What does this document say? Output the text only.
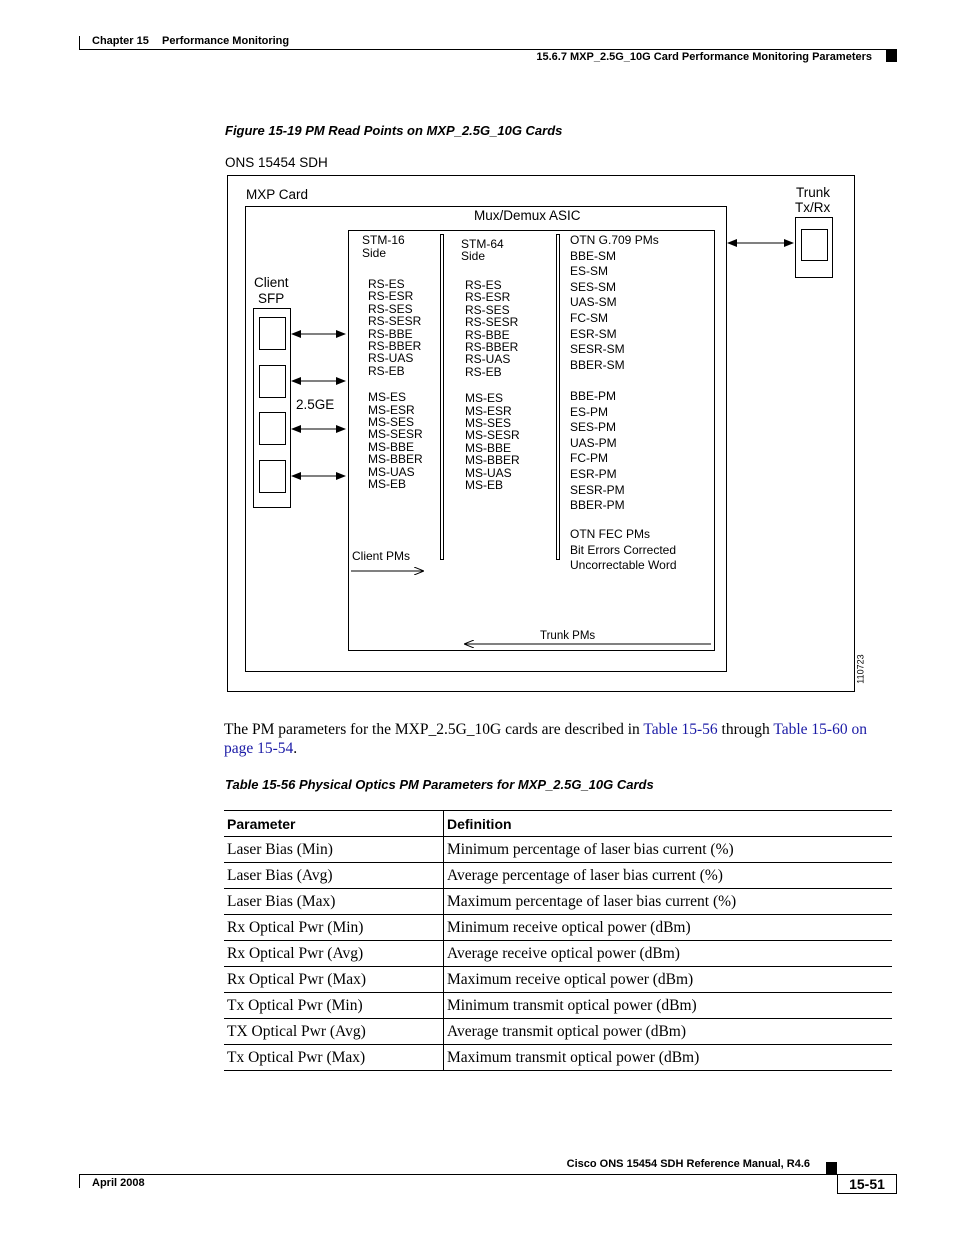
Chapter 15 Performance Monitoring
15.6.7 MXP_2.5G_10G Card Performance Monitoring Parameters
Figure 15-19 PM Read Points on MXP_2.5G_10G Cards
ONS 15454 SDH
MXP Card
Mux/Demux ASIC
Trunk
Tx/Rx
Client
SFP
2.5GE
STM-16
Side
RS-ES
RS-ESR
RS-SES
RS-SESR
RS-BBE
RS-BBER
RS-UAS
RS-EB
MS-ES
MS-ESR
MS-SES
MS-SESR
MS-BBE
MS-BBER
MS-UAS
MS-EB
STM-64
Side
RS-ES
RS-ESR
RS-SES
RS-SESR
RS-BBE
RS-BBER
RS-UAS
RS-EB
MS-ES
MS-ESR
MS-SES
MS-SESR
MS-BBE
MS-BBER
MS-UAS
MS-EB
OTN G.709 PMs
BBE-SM
ES-SM
SES-SM
UAS-SM
FC-SM
ESR-SM
SESR-SM
BBER-SM
BBE-PM
ES-PM
SES-PM
UAS-PM
FC-PM
ESR-PM
SESR-PM
BBER-PM
OTN FEC PMs
Bit Errors Corrected
Uncorrectable Word
Client PMs
Trunk PMs
110723
The PM parameters for the MXP_2.5G_10G cards are described in Table 15-56 through Table 15-60 on page 15-54.
Table 15-56 Physical Optics PM Parameters for MXP_2.5G_10G Cards
Parameter	Definition
Laser Bias (Min)	Minimum percentage of laser bias current (%)
Laser Bias (Avg)	Average percentage of laser bias current (%)
Laser Bias (Max)	Maximum percentage of laser bias current (%)
Rx Optical Pwr (Min)	Minimum receive optical power (dBm)
Rx Optical Pwr (Avg)	Average receive optical power (dBm)
Rx Optical Pwr (Max)	Maximum receive optical power (dBm)
Tx Optical Pwr (Min)	Minimum transmit optical power (dBm)
TX Optical Pwr (Avg)	Average transmit optical power (dBm)
Tx Optical Pwr (Max)	Maximum transmit optical power (dBm)
Cisco ONS 15454 SDH Reference Manual, R4.6
April 2008	15-51
